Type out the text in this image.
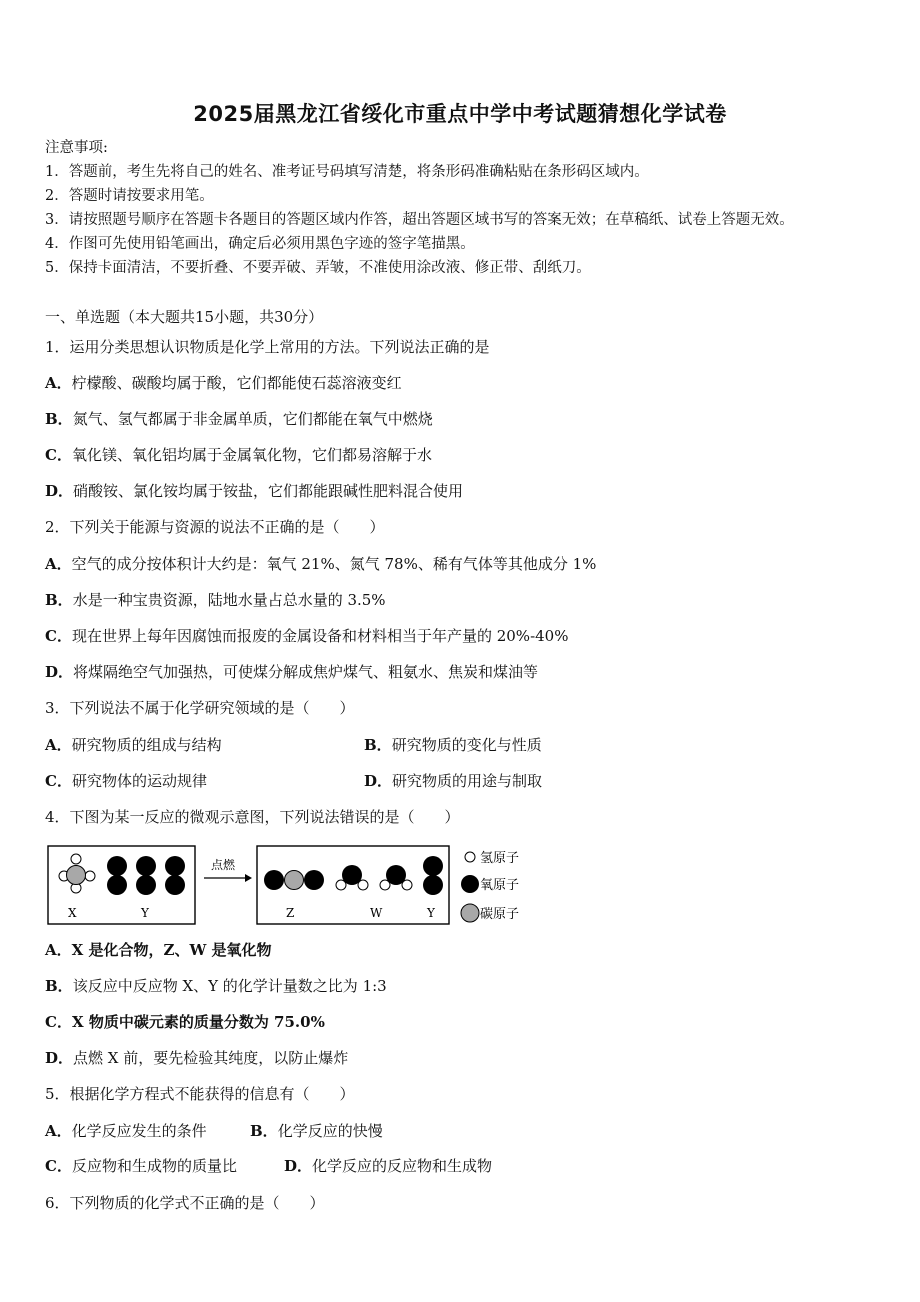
2025届黑龙江省绥化市重点中学中考试题猜想化学试卷
注意事项:
1．答题前，考生先将自己的姓名、准考证号码填写清楚，将条形码准确粘贴在条形码区域内。
2．答题时请按要求用笔。
3．请按照题号顺序在答题卡各题目的答题区域内作答，超出答题区域书写的答案无效；在草稿纸、试卷上答题无效。
4．作图可先使用铅笔画出，确定后必须用黑色字迹的签字笔描黑。
5．保持卡面清洁，不要折叠、不要弄破、弄皱，不准使用涂改液、修正带、刮纸刀。
一、单选题（本大题共15小题，共30分）
1．运用分类思想认识物质是化学上常用的方法。下列说法正确的是
A．柠檬酸、碳酸均属于酸，它们都能使石蕊溶液变红
B．氮气、氢气都属于非金属单质，它们都能在氧气中燃烧
C．氧化镁、氧化铝均属于金属氧化物，它们都易溶解于水
D．硝酸铵、氯化铵均属于铵盐，它们都能跟碱性肥料混合使用
2．下列关于能源与资源的说法不正确的是（　　）
A．空气的成分按体积计大约是：氧气 21%、氮气 78%、稀有气体等其他成分 1%
B．水是一种宝贵资源，陆地水量占总水量的 3.5%
C．现在世界上每年因腐蚀而报废的金属设备和材料相当于年产量的 20%-40%
D．将煤隔绝空气加强热，可使煤分解成焦炉煤气、粗氨水、焦炭和煤油等
3．下列说法不属于化学研究领域的是（　　）
A．研究物质的组成与结构	B．研究物质的变化与性质
C．研究物体的运动规律	D．研究物质的用途与制取
4．下图为某一反应的微观示意图，下列说法错误的是（　　）
X	Y
点燃
Z	W	Y
氢原子
氧原子
碳原子
A．X 是化合物，Z、W 是氧化物
B．该反应中反应物 X、Y 的化学计量数之比为 1:3
C．X 物质中碳元素的质量分数为 75.0%
D．点燃 X 前，要先检验其纯度，以防止爆炸
5．根据化学方程式不能获得的信息有（　　）
A．化学反应发生的条件	B．化学反应的快慢
C．反应物和生成物的质量比	D．化学反应的反应物和生成物
6．下列物质的化学式不正确的是（　　）
